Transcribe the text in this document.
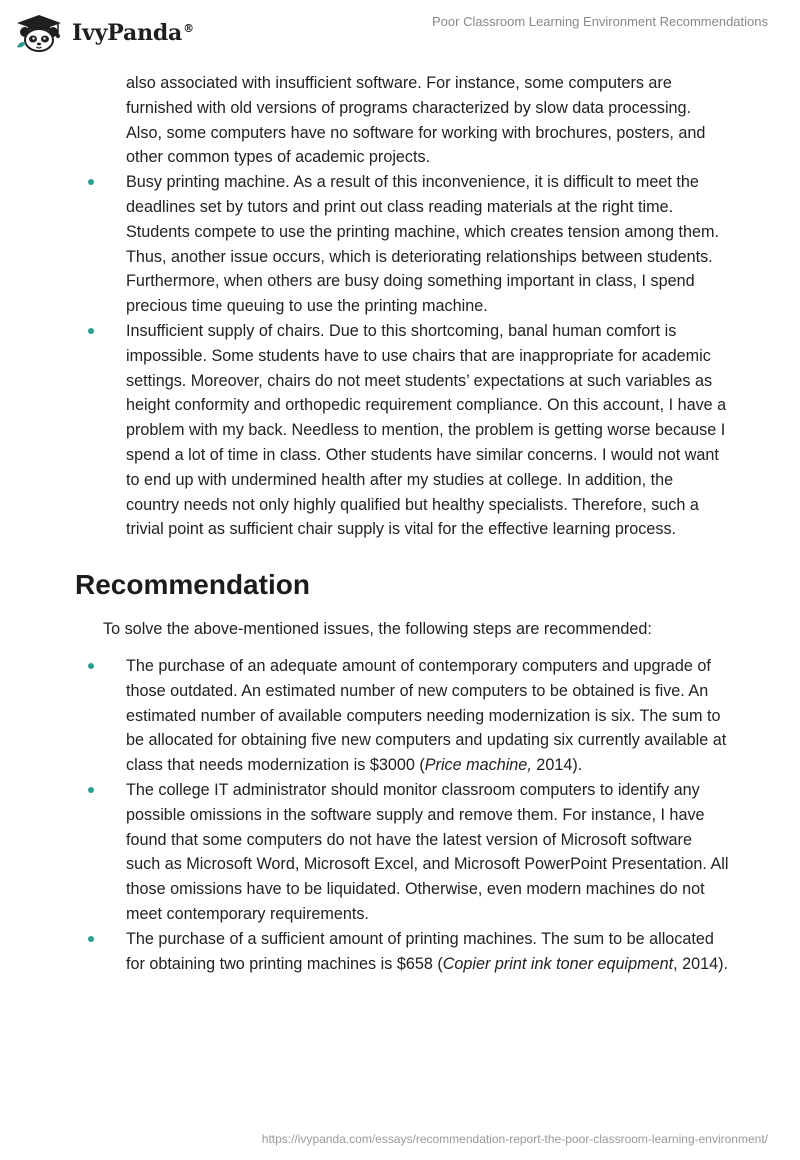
IvyPanda®	Poor Classroom Learning Environment Recommendations
also associated with insufficient software. For instance, some computers are furnished with old versions of programs characterized by slow data processing. Also, some computers have no software for working with brochures, posters, and other common types of academic projects.
Busy printing machine. As a result of this inconvenience, it is difficult to meet the deadlines set by tutors and print out class reading materials at the right time. Students compete to use the printing machine, which creates tension among them. Thus, another issue occurs, which is deteriorating relationships between students. Furthermore, when others are busy doing something important in class, I spend precious time queuing to use the printing machine.
Insufficient supply of chairs. Due to this shortcoming, banal human comfort is impossible. Some students have to use chairs that are inappropriate for academic settings. Moreover, chairs do not meet students’ expectations at such variables as height conformity and orthopedic requirement compliance. On this account, I have a problem with my back. Needless to mention, the problem is getting worse because I spend a lot of time in class. Other students have similar concerns. I would not want to end up with undermined health after my studies at college. In addition, the country needs not only highly qualified but healthy specialists. Therefore, such a trivial point as sufficient chair supply is vital for the effective learning process.
Recommendation

To solve the above-mentioned issues, the following steps are recommended:

The purchase of an adequate amount of contemporary computers and upgrade of those outdated. An estimated number of new computers to be obtained is five. An estimated number of available computers needing modernization is six. The sum to be allocated for obtaining five new computers and updating six currently available at class that needs modernization is $3000 (Price machine, 2014).
The college IT administrator should monitor classroom computers to identify any possible omissions in the software supply and remove them. For instance, I have found that some computers do not have the latest version of Microsoft software such as Microsoft Word, Microsoft Excel, and Microsoft PowerPoint Presentation. All those omissions have to be liquidated. Otherwise, even modern machines do not meet contemporary requirements.
The purchase of a sufficient amount of printing machines. The sum to be allocated for obtaining two printing machines is $658 (Copier print ink toner equipment, 2014).
https://ivypanda.com/essays/recommendation-report-the-poor-classroom-learning-environment/
